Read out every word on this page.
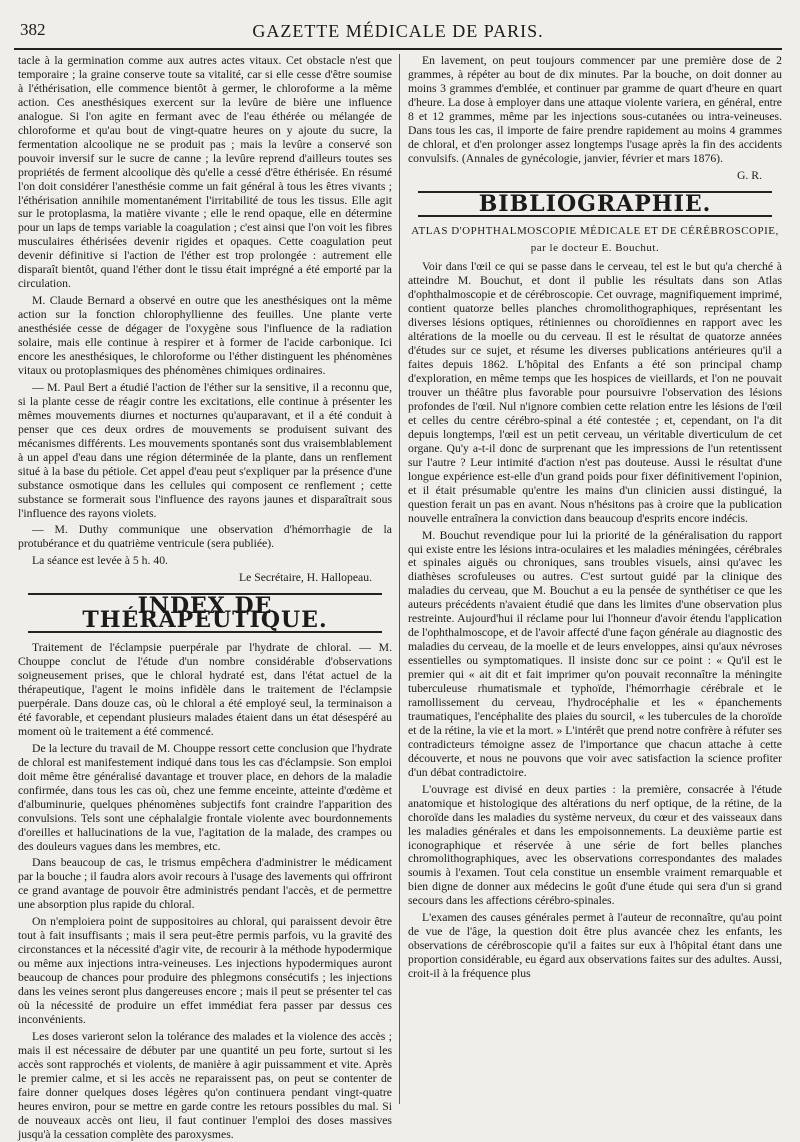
382	GAZETTE MÉDICALE DE PARIS.

tacle à la germination comme aux autres actes vitaux. Cet obstacle n'est que temporaire ; la graine conserve toute sa vitalité, car si elle cesse d'être soumise à l'éthérisation, elle commence bientôt à germer, le chloroforme a la même action. Ces anesthésiques exercent sur la levûre de bière une influence analogue. Si l'on agite en fermant avec de l'eau éthérée ou mélangée de chloroforme et qu'au bout de vingt-quatre heures on y ajoute du sucre, la fermentation alcoolique ne se produit pas ; mais la levûre a conservé son pouvoir inversif sur le sucre de canne ; la levûre reprend d'ailleurs toutes ses propriétés de ferment alcoolique dès qu'elle a cessé d'être éthérisée. En résumé l'on doit considérer l'anesthésie comme un fait général à tous les êtres vivants ; l'éthérisation annihile momentanément l'irritabilité de tous les tissus. Elle agit sur le protoplasma, la matière vivante ; elle le rend opaque, elle en détermine pour un laps de temps variable la coagulation ; c'est ainsi que l'on voit les fibres musculaires éthérisées devenir rigides et opaques. Cette coagulation peut devenir définitive si l'action de l'éther est trop prolongée : autrement elle disparaît bientôt, quand l'éther dont le tissu était imprégné a été emporté par la circulation.

M. Claude Bernard a observé en outre que les anesthésiques ont la même action sur la fonction chlorophyllienne des feuilles. Une plante verte anesthésiée cesse de dégager de l'oxygène sous l'influence de la radiation solaire, mais elle continue à respirer et à former de l'acide carbonique. Ici encore les anesthésiques, le chloroforme ou l'éther distinguent les phénomènes vitaux ou protoplasmiques des phénomènes chimiques ordinaires.

— M. Paul Bert a étudié l'action de l'éther sur la sensitive, il a reconnu que, si la plante cesse de réagir contre les excitations, elle continue à présenter les mêmes mouvements diurnes et nocturnes qu'auparavant, et il a été conduit à penser que ces deux ordres de mouvements se produisent suivant des mécanismes différents. Les mouvements spontanés sont dus vraisemblablement à un appel d'eau dans une région déterminée de la plante, dans un renflement situé à la base du pétiole. Cet appel d'eau peut s'expliquer par la présence d'une substance osmotique dans les cellules qui composent ce renflement ; cette substance se formerait sous l'influence des rayons jaunes et disparaîtrait sous l'influence des rayons violets.

— M. Duthy communique une observation d'hémorrhagie de la protubérance et du quatrième ventricule (sera publiée).

La séance est levée à 5 h. 40.

Le Secrétaire, H. Hallopeau.
INDEX DE THÉRAPEUTIQUE.

Traitement de l'éclampsie puerpérale par l'hydrate de chloral. — M. Chouppe conclut de l'étude d'un nombre considérable d'observations soigneusement prises, que le chloral hydraté est, dans l'état actuel de la thérapeutique, l'agent le moins infidèle dans le traitement de l'éclampsie puerpérale. Dans douze cas, où le chloral a été employé seul, la terminaison a été favorable, et cependant plusieurs malades étaient dans un état désespéré au moment où le traitement a été commencé.

De la lecture du travail de M. Chouppe ressort cette conclusion que l'hydrate de chloral est manifestement indiqué dans tous les cas d'éclampsie. Son emploi doit même être généralisé davantage et trouver place, en dehors de la maladie confirmée, dans tous les cas où, chez une femme enceinte, atteinte d'œdème et d'albuminurie, quelques phénomènes subjectifs font craindre l'apparition des convulsions. Tels sont une céphalalgie frontale violente avec bourdonnements d'oreilles et hallucinations de la vue, l'agitation de la malade, des crampes ou des douleurs vagues dans les membres, etc.

Dans beaucoup de cas, le trismus empêchera d'administrer le médicament par la bouche ; il faudra alors avoir recours à l'usage des lavements qui offriront ce grand avantage de pouvoir être administrés pendant l'accès, et de permettre une absorption plus rapide du chloral.

On n'emploiera point de suppositoires au chloral, qui paraissent devoir être tout à fait insuffisants ; mais il sera peut-être permis parfois, vu la gravité des circonstances et la nécessité d'agir vite, de recourir à la méthode hypodermique ou même aux injections intra-veineuses. Les injections hypodermiques auront beaucoup de chances pour produire des phlegmons consécutifs ; les injections dans les veines seront plus dangereuses encore ; mais il peut se présenter tel cas où la nécessité de produire un effet immédiat fera passer par dessus ces inconvénients.

Les doses varieront selon la tolérance des malades et la violence des accès ; mais il est nécessaire de débuter par une quantité un peu forte, surtout si les accès sont rapprochés et violents, de manière à agir puissamment et vite. Après le premier calme, et si les accès ne reparaissent pas, on peut se contenter de faire donner quelques doses légères qu'on continuera pendant vingt-quatre heures environ, pour se mettre en garde contre les retours possibles du mal. Si de nouveaux accès ont lieu, il faut continuer l'emploi des doses massives jusqu'à la cessation complète des paroxysmes.

En lavement, on peut toujours commencer par une première dose de 2 grammes, à répéter au bout de dix minutes. Par la bouche, on doit donner au moins 3 grammes d'emblée, et continuer par gramme de quart d'heure en quart d'heure. La dose à employer dans une attaque violente variera, en général, entre 8 et 12 grammes, même par les injections sous-cutanées ou intra-veineuses. Dans tous les cas, il importe de faire prendre rapidement au moins 4 grammes de chloral, et d'en prolonger assez longtemps l'usage après la fin des accidents convulsifs. (Annales de gynécologie, janvier, février et mars 1876).

G. R.
BIBLIOGRAPHIE.
ATLAS D'OPHTHALMOSCOPIE MÉDICALE ET DE CÉRÉBROSCOPIE,
par le docteur E. Bouchut.

Voir dans l'œil ce qui se passe dans le cerveau, tel est le but qu'a cherché à atteindre M. Bouchut, et dont il publie les résultats dans son Atlas d'ophthalmoscopie et de cérébroscopie. Cet ouvrage, magnifiquement imprimé, contient quatorze belles planches chromolithographiques, représentant les diverses lésions optiques, rétiniennes ou choroïdiennes en rapport avec les altérations de la moelle ou du cerveau. Il est le résultat de quatorze années d'études sur ce sujet, et résume les diverses publications antérieures qu'il a faites depuis 1862. L'hôpital des Enfants a été son principal champ d'exploration, en même temps que les hospices de vieillards, et l'on ne pouvait trouver un théâtre plus favorable pour poursuivre l'observation des lésions profondes de l'œil. Nul n'ignore combien cette relation entre les lésions de l'œil et celles du centre cérébro-spinal a été contestée ; et, cependant, on l'a dit depuis longtemps, l'œil est un petit cerveau, un véritable diverticulum de cet organe. Qu'y a-t-il donc de surprenant que les impressions de l'un retentissent sur l'autre ? Leur intimité d'action n'est pas douteuse. Aussi le résultat d'une longue expérience est-elle d'un grand poids pour fixer définitivement l'opinion, et il était présumable qu'entre les mains d'un clinicien aussi distingué, la question ferait un pas en avant. Nous n'hésitons pas à croire que la publication nouvelle entraînera la conviction dans beaucoup d'esprits encore indécis.

M. Bouchut revendique pour lui la priorité de la généralisation du rapport qui existe entre les lésions intra-oculaires et les maladies méningées, cérébrales et spinales aiguës ou chroniques, sans troubles visuels, ainsi qu'avec les diathèses scrofuleuses ou autres. C'est surtout guidé par la clinique des maladies du cerveau, que M. Bouchut a eu la pensée de synthétiser ce que les auteurs précédents n'avaient étudié que dans les limites d'une observation plus restreinte. Aujourd'hui il réclame pour lui l'honneur d'avoir étendu l'application de l'ophthalmoscope, et de l'avoir affecté d'une façon générale au diagnostic des maladies du cerveau, de la moelle et de leurs enveloppes, ainsi qu'aux névroses essentielles ou symptomatiques. Il insiste donc sur ce point : « Qu'il est le premier qui « ait dit et fait imprimer qu'on pouvait reconnaître la méningite tuberculeuse rhumatismale et typhoïde, l'hémorrhagie cérébrale et le ramollissement du cerveau, l'hydrocéphalie et les « épanchements traumatiques, l'encéphalite des plaies du sourcil, « les tubercules de la choroïde et de la rétine, la vie et la mort. » L'intérêt que prend notre confrère à réfuter ses contradicteurs témoigne assez de l'importance que chacun attache à cette découverte, et nous ne pouvons que voir avec satisfaction la science profiter d'un débat contradictoire.

L'ouvrage est divisé en deux parties : la première, consacrée à l'étude anatomique et histologique des altérations du nerf optique, de la rétine, de la choroïde dans les maladies du système nerveux, du cœur et des vaisseaux dans les maladies générales et dans les empoisonnements. La deuxième partie est iconographique et réservée à une série de fort belles planches chromolithographiques, avec les observations correspondantes des malades soumis à l'examen. Tout cela constitue un ensemble vraiment remarquable et bien digne de donner aux médecins le goût d'une étude qui sera d'un si grand secours dans les affections cérébro-spinales.

L'examen des causes générales permet à l'auteur de reconnaître, qu'au point de vue de l'âge, la question doit être plus avancée chez les enfants, les observations de cérébroscopie qu'il a faites sur eux à l'hôpital étant dans une proportion considérable, eu égard aux observations faites sur des adultes. Aussi, croit-il à la fréquence plus
